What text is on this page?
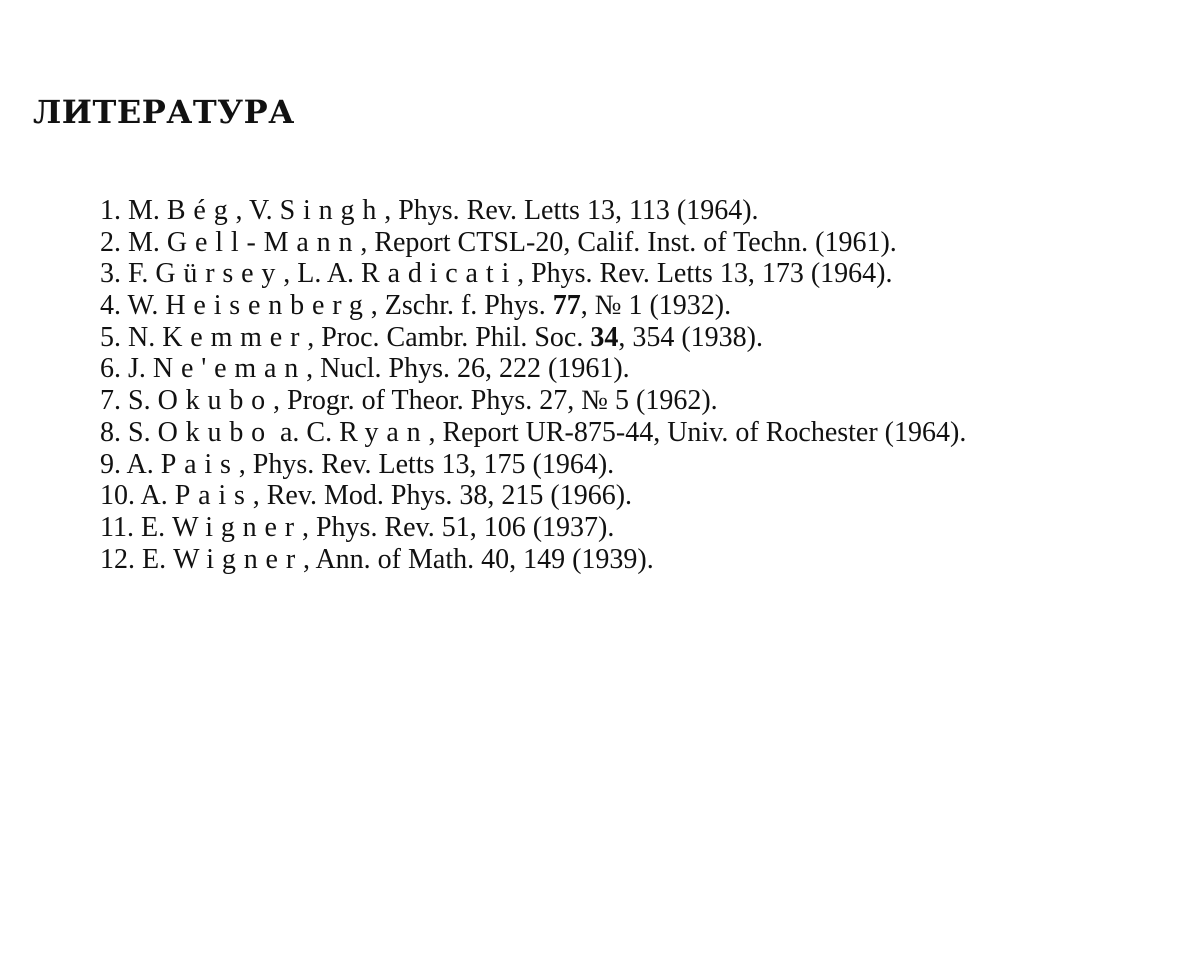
ЛИТЕРАТУРА
1. M. Bég, V. Singh, Phys. Rev. Letts 13, 113 (1964).
2. M. Gell-Mann, Report CTSL-20, Calif. Inst. of Techn. (1961).
3. F. Gürsey, L. A. Radicati, Phys. Rev. Letts 13, 173 (1964).
4. W. Heisenberg, Zschr. f. Phys. 77, № 1 (1932).
5. N. Kemmer, Proc. Cambr. Phil. Soc. 34, 354 (1938).
6. J. Ne'eman, Nucl. Phys. 26, 222 (1961).
7. S. Okubo, Progr. of Theor. Phys. 27, № 5 (1962).
8. S. Okubo a. C. Ryan, Report UR-875-44, Univ. of Rochester (1964).
9. A. Pais, Phys. Rev. Letts 13, 175 (1964).
10. A. Pais, Rev. Mod. Phys. 38, 215 (1966).
11. E. Wigner, Phys. Rev. 51, 106 (1937).
12. E. Wigner, Ann. of Math. 40, 149 (1939).
